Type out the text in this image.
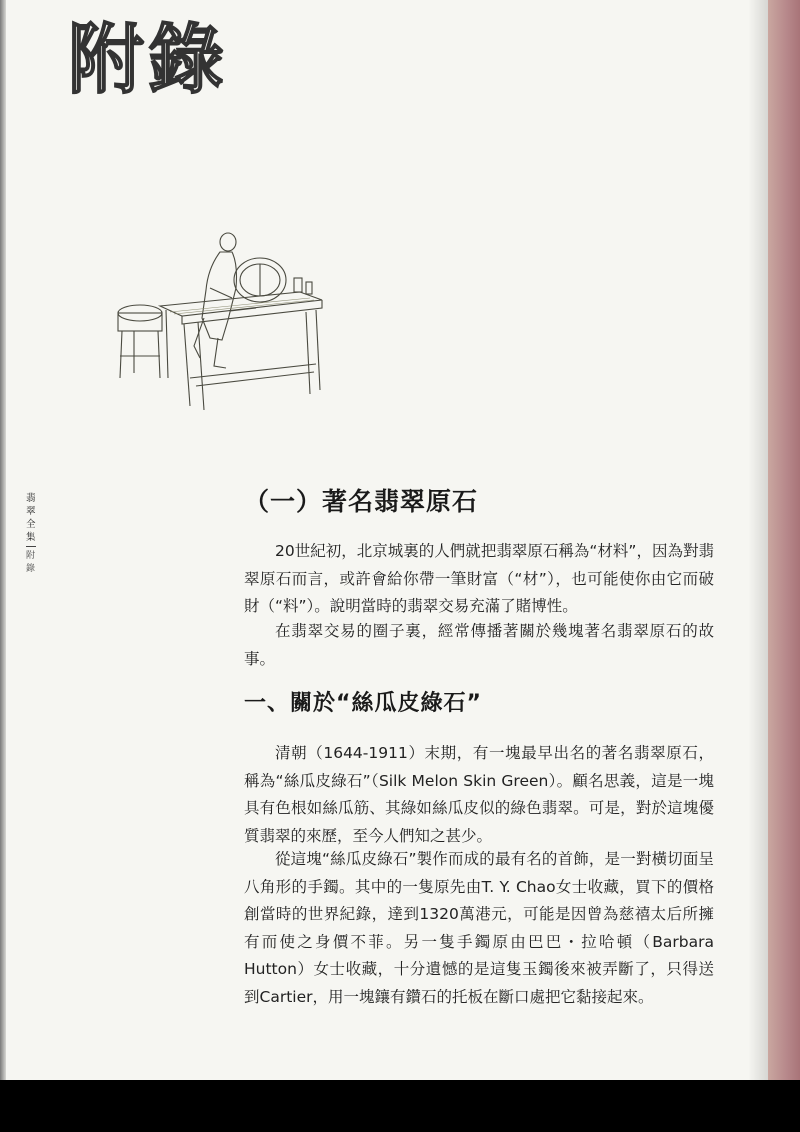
附錄
翡翠全集
附錄
（一）著名翡翠原石

20世紀初，北京城裏的人們就把翡翠原石稱為“材料”，因為對翡翠原石而言，或許會給你帶一筆財富（“材”），也可能使你由它而破財（“料”）。說明當時的翡翠交易充滿了賭博性。

在翡翠交易的圈子裏，經常傳播著關於幾塊著名翡翠原石的故事。

一、關於“絲瓜皮綠石”

清朝（1644-1911）末期，有一塊最早出名的著名翡翠原石，稱為“絲瓜皮綠石”（Silk Melon Skin Green）。顧名思義，這是一塊具有色根如絲瓜筋、其綠如絲瓜皮似的綠色翡翠。可是，對於這塊優質翡翠的來歷，至今人們知之甚少。

從這塊“絲瓜皮綠石”製作而成的最有名的首飾，是一對橫切面呈八角形的手鐲。其中的一隻原先由T. Y. Chao女士收藏，買下的價格創當時的世界紀錄，達到1320萬港元，可能是因曾為慈禧太后所擁有而使之身價不菲。另一隻手鐲原由巴巴・拉哈頓（Barbara Hutton）女士收藏，十分遺憾的是這隻玉鐲後來被弄斷了，只得送到Cartier，用一塊鑲有鑽石的托板在斷口處把它黏接起來。
